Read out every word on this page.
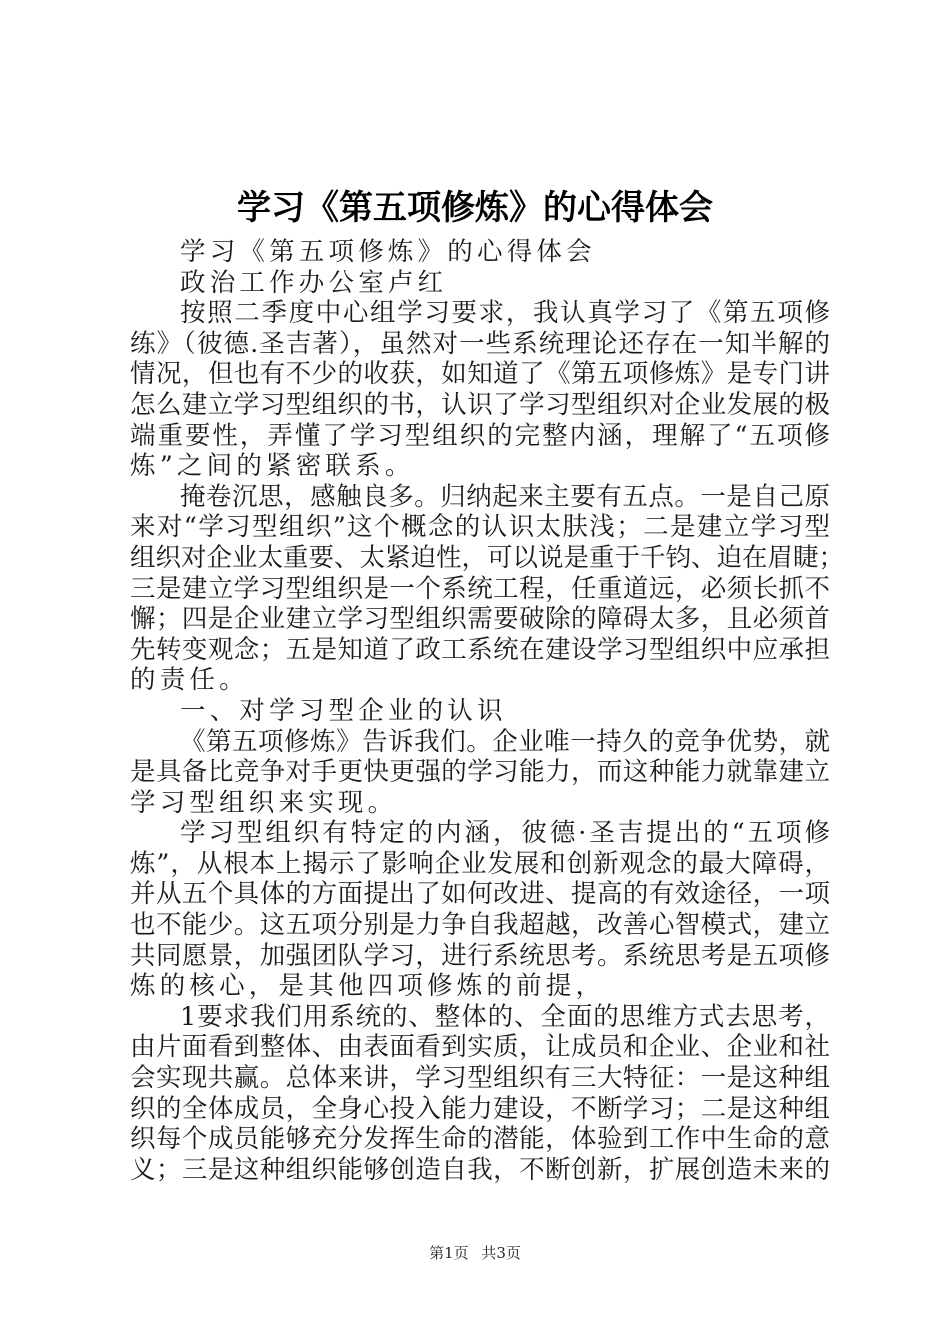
学习《第五项修炼》的心得体会
学习《第五项修炼》的心得体会
政治工作办公室卢红
按照二季度中心组学习要求，我认真学习了《第五项修
练》（彼德.圣吉著），虽然对一些系统理论还存在一知半解的
情况，但也有不少的收获，如知道了《第五项修炼》是专门讲
怎么建立学习型组织的书，认识了学习型组织对企业发展的极
端重要性，弄懂了学习型组织的完整内涵，理解了“五项修
炼”之间的紧密联系。
掩卷沉思，感触良多。归纳起来主要有五点。一是自己原
来对“学习型组织”这个概念的认识太肤浅；二是建立学习型
组织对企业太重要、太紧迫性，可以说是重于千钧、迫在眉睫；
三是建立学习型组织是一个系统工程，任重道远，必须长抓不
懈；四是企业建立学习型组织需要破除的障碍太多，且必须首
先转变观念；五是知道了政工系统在建设学习型组织中应承担
的责任。
一、对学习型企业的认识
《第五项修炼》告诉我们。企业唯一持久的竞争优势，就
是具备比竞争对手更快更强的学习能力，而这种能力就靠建立
学习型组织来实现。
学习型组织有特定的内涵，彼德·圣吉提出的“五项修
炼”，从根本上揭示了影响企业发展和创新观念的最大障碍，
并从五个具体的方面提出了如何改进、提高的有效途径，一项
也不能少。这五项分别是力争自我超越，改善心智模式，建立
共同愿景，加强团队学习，进行系统思考。系统思考是五项修
炼的核心，是其他四项修炼的前提，
1要求我们用系统的、整体的、全面的思维方式去思考，
由片面看到整体、由表面看到实质，让成员和企业、企业和社
会实现共赢。总体来讲，学习型组织有三大特征：一是这种组
织的全体成员，全身心投入能力建设，不断学习；二是这种组
织每个成员能够充分发挥生命的潜能，体验到工作中生命的意
义；三是这种组织能够创造自我，不断创新，扩展创造未来的
第1页 共3页
